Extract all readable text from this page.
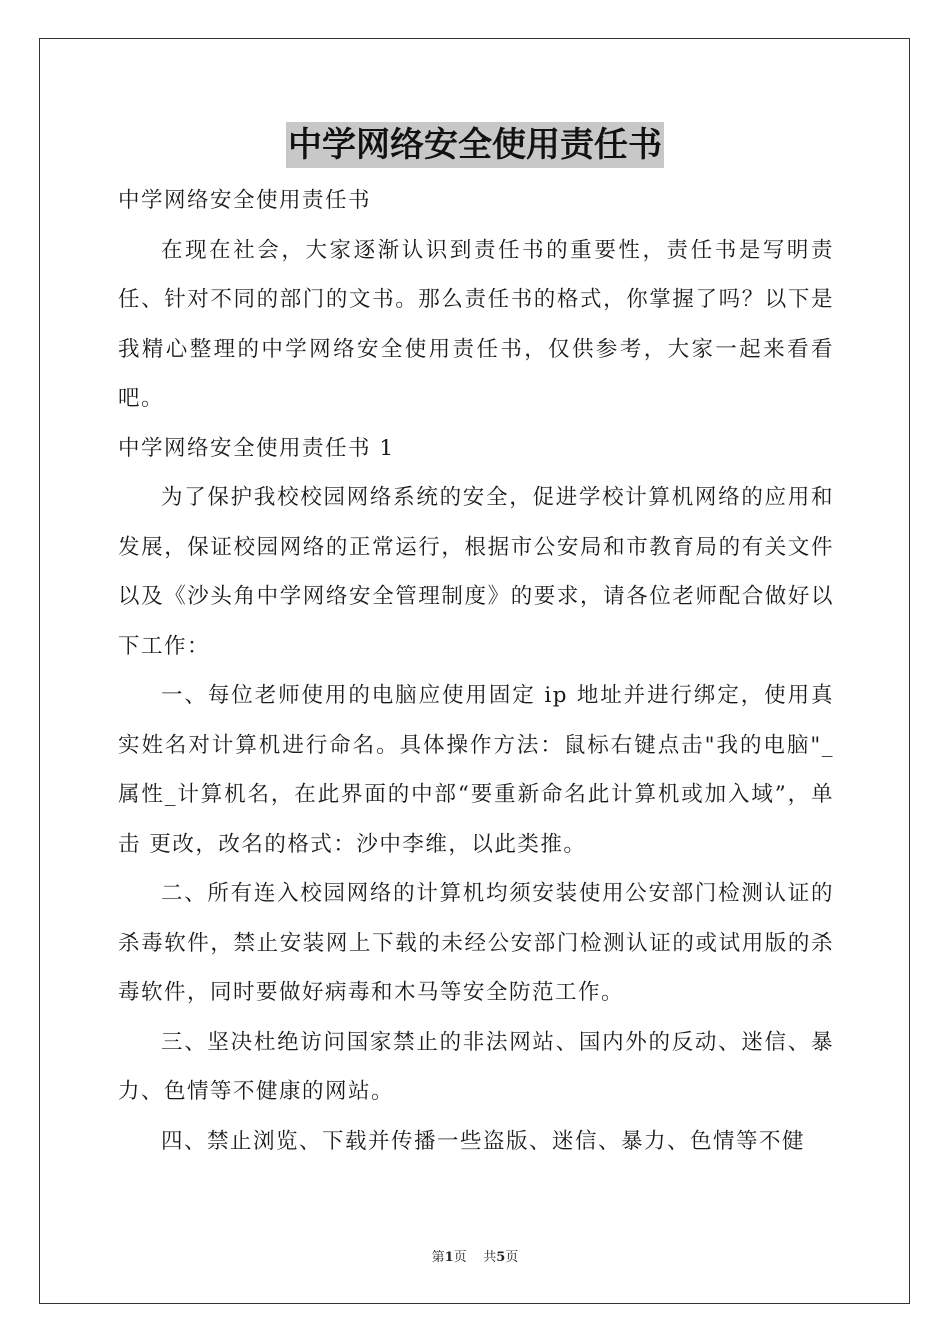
中学网络安全使用责任书

中学网络安全使用责任书

在现在社会，大家逐渐认识到责任书的重要性，责任书是写明责任、针对不同的部门的文书。那么责任书的格式，你掌握了吗？以下是我精心整理的中学网络安全使用责任书，仅供参考，大家一起来看看吧。

中学网络安全使用责任书 1

为了保护我校校园网络系统的安全，促进学校计算机网络的应用和发展，保证校园网络的正常运行，根据市公安局和市教育局的有关文件以及《沙头角中学网络安全管理制度》的要求，请各位老师配合做好以下工作：

一、每位老师使用的电脑应使用固定 ip 地址并进行绑定，使用真实姓名对计算机进行命名。具体操作方法：鼠标右键点击"我的电脑"_属性_计算机名，在此界面的中部“要重新命名此计算机或加入域”，单击 更改，改名的格式：沙中李维，以此类推。

二、所有连入校园网络的计算机均须安装使用公安部门检测认证的杀毒软件，禁止安装网上下载的未经公安部门检测认证的或试用版的杀毒软件，同时要做好病毒和木马等安全防范工作。

三、坚决杜绝访问国家禁止的非法网站、国内外的反动、迷信、暴力、色情等不健康的网站。

四、禁止浏览、下载并传播一些盗版、迷信、暴力、色情等不健

第1页 共5页
